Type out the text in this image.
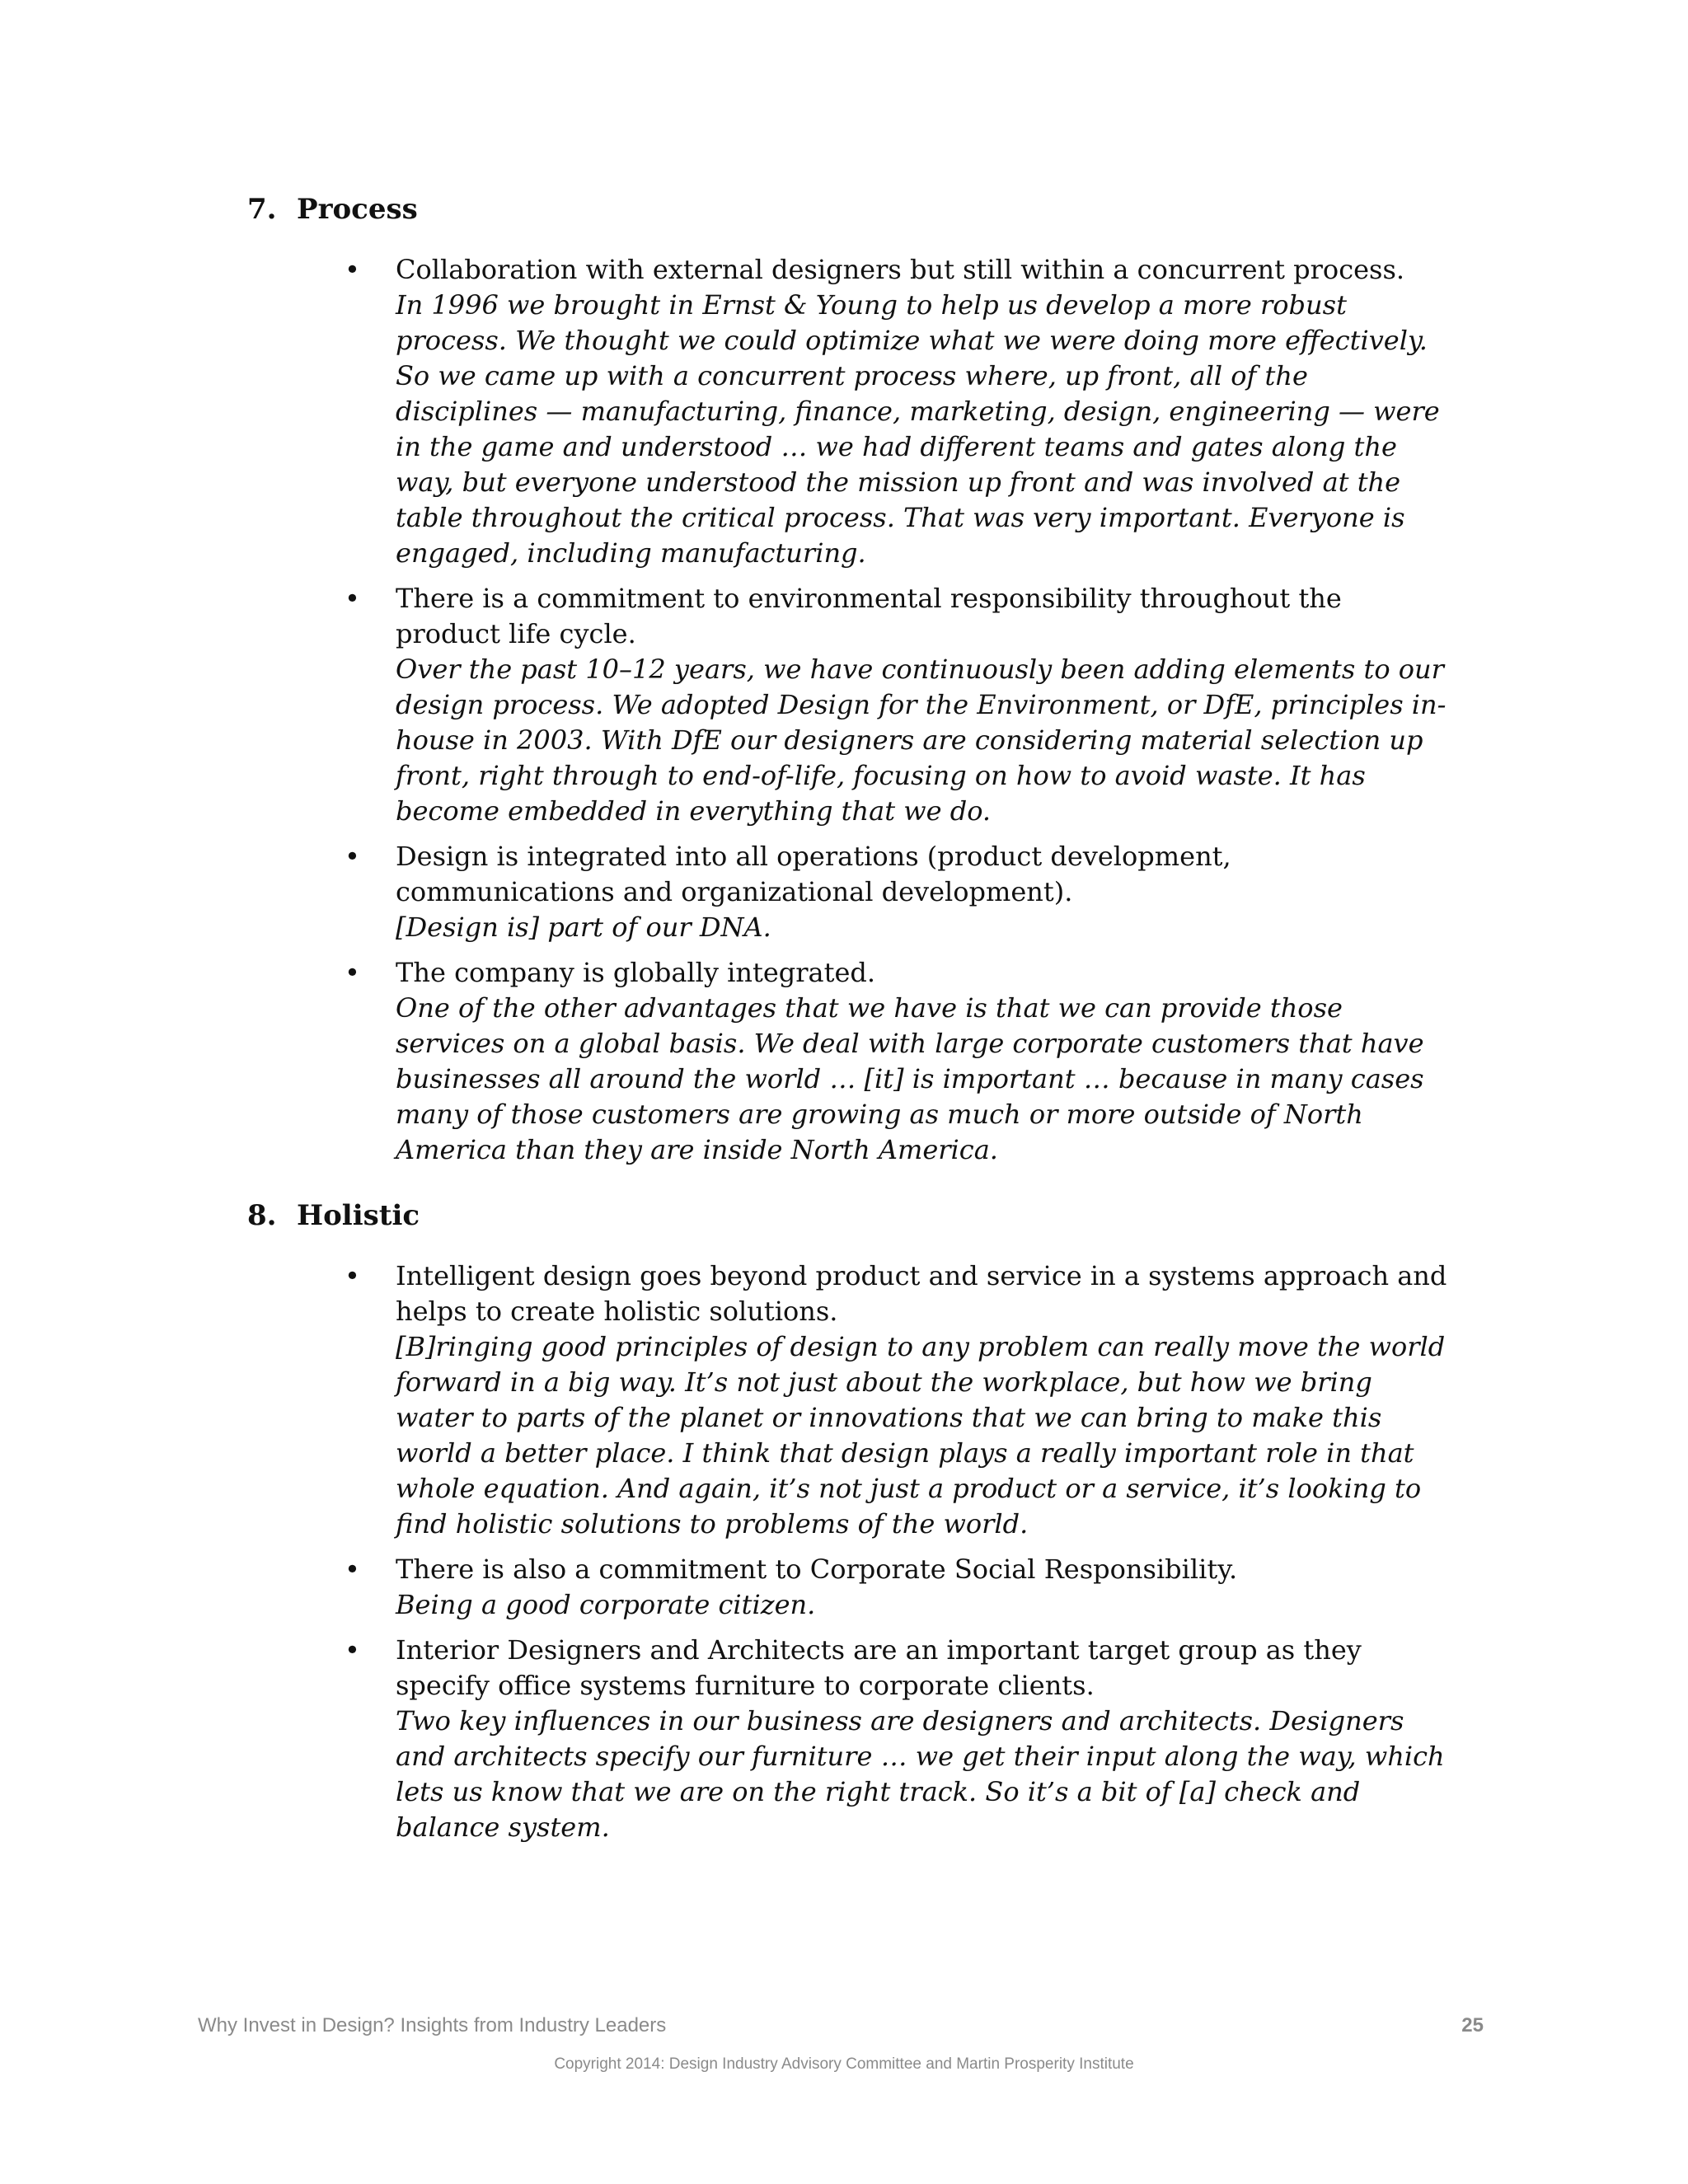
7. Process
• Collaboration with external designers but still within a concurrent process.
In 1996 we brought in Ernst & Young to help us develop a more robust process. We thought we could optimize what we were doing more effectively. So we came up with a concurrent process where, up front, all of the disciplines — manufacturing, finance, marketing, design, engineering — were in the game and understood … we had different teams and gates along the way, but everyone understood the mission up front and was involved at the table throughout the critical process. That was very important. Everyone is engaged, including manufacturing.
• There is a commitment to environmental responsibility throughout the product life cycle.
Over the past 10–12 years, we have continuously been adding elements to our design process. We adopted Design for the Environment, or DfE, principles in-house in 2003. With DfE our designers are considering material selection up front, right through to end-of-life, focusing on how to avoid waste. It has become embedded in everything that we do.
• Design is integrated into all operations (product development, communications and organizational development).
[Design is] part of our DNA.
• The company is globally integrated.
One of the other advantages that we have is that we can provide those services on a global basis. We deal with large corporate customers that have businesses all around the world … [it] is important … because in many cases many of those customers are growing as much or more outside of North America than they are inside North America.
8. Holistic
• Intelligent design goes beyond product and service in a systems approach and helps to create holistic solutions.
[B]ringing good principles of design to any problem can really move the world forward in a big way. It’s not just about the workplace, but how we bring water to parts of the planet or innovations that we can bring to make this world a better place. I think that design plays a really important role in that whole equation. And again, it’s not just a product or a service, it’s looking to find holistic solutions to problems of the world.
• There is also a commitment to Corporate Social Responsibility.
Being a good corporate citizen.
• Interior Designers and Architects are an important target group as they specify office systems furniture to corporate clients.
Two key influences in our business are designers and architects. Designers and architects specify our furniture … we get their input along the way, which lets us know that we are on the right track. So it’s a bit of [a] check and balance system.
Why Invest in Design? Insights from Industry Leaders	25
Copyright 2014: Design Industry Advisory Committee and Martin Prosperity Institute
